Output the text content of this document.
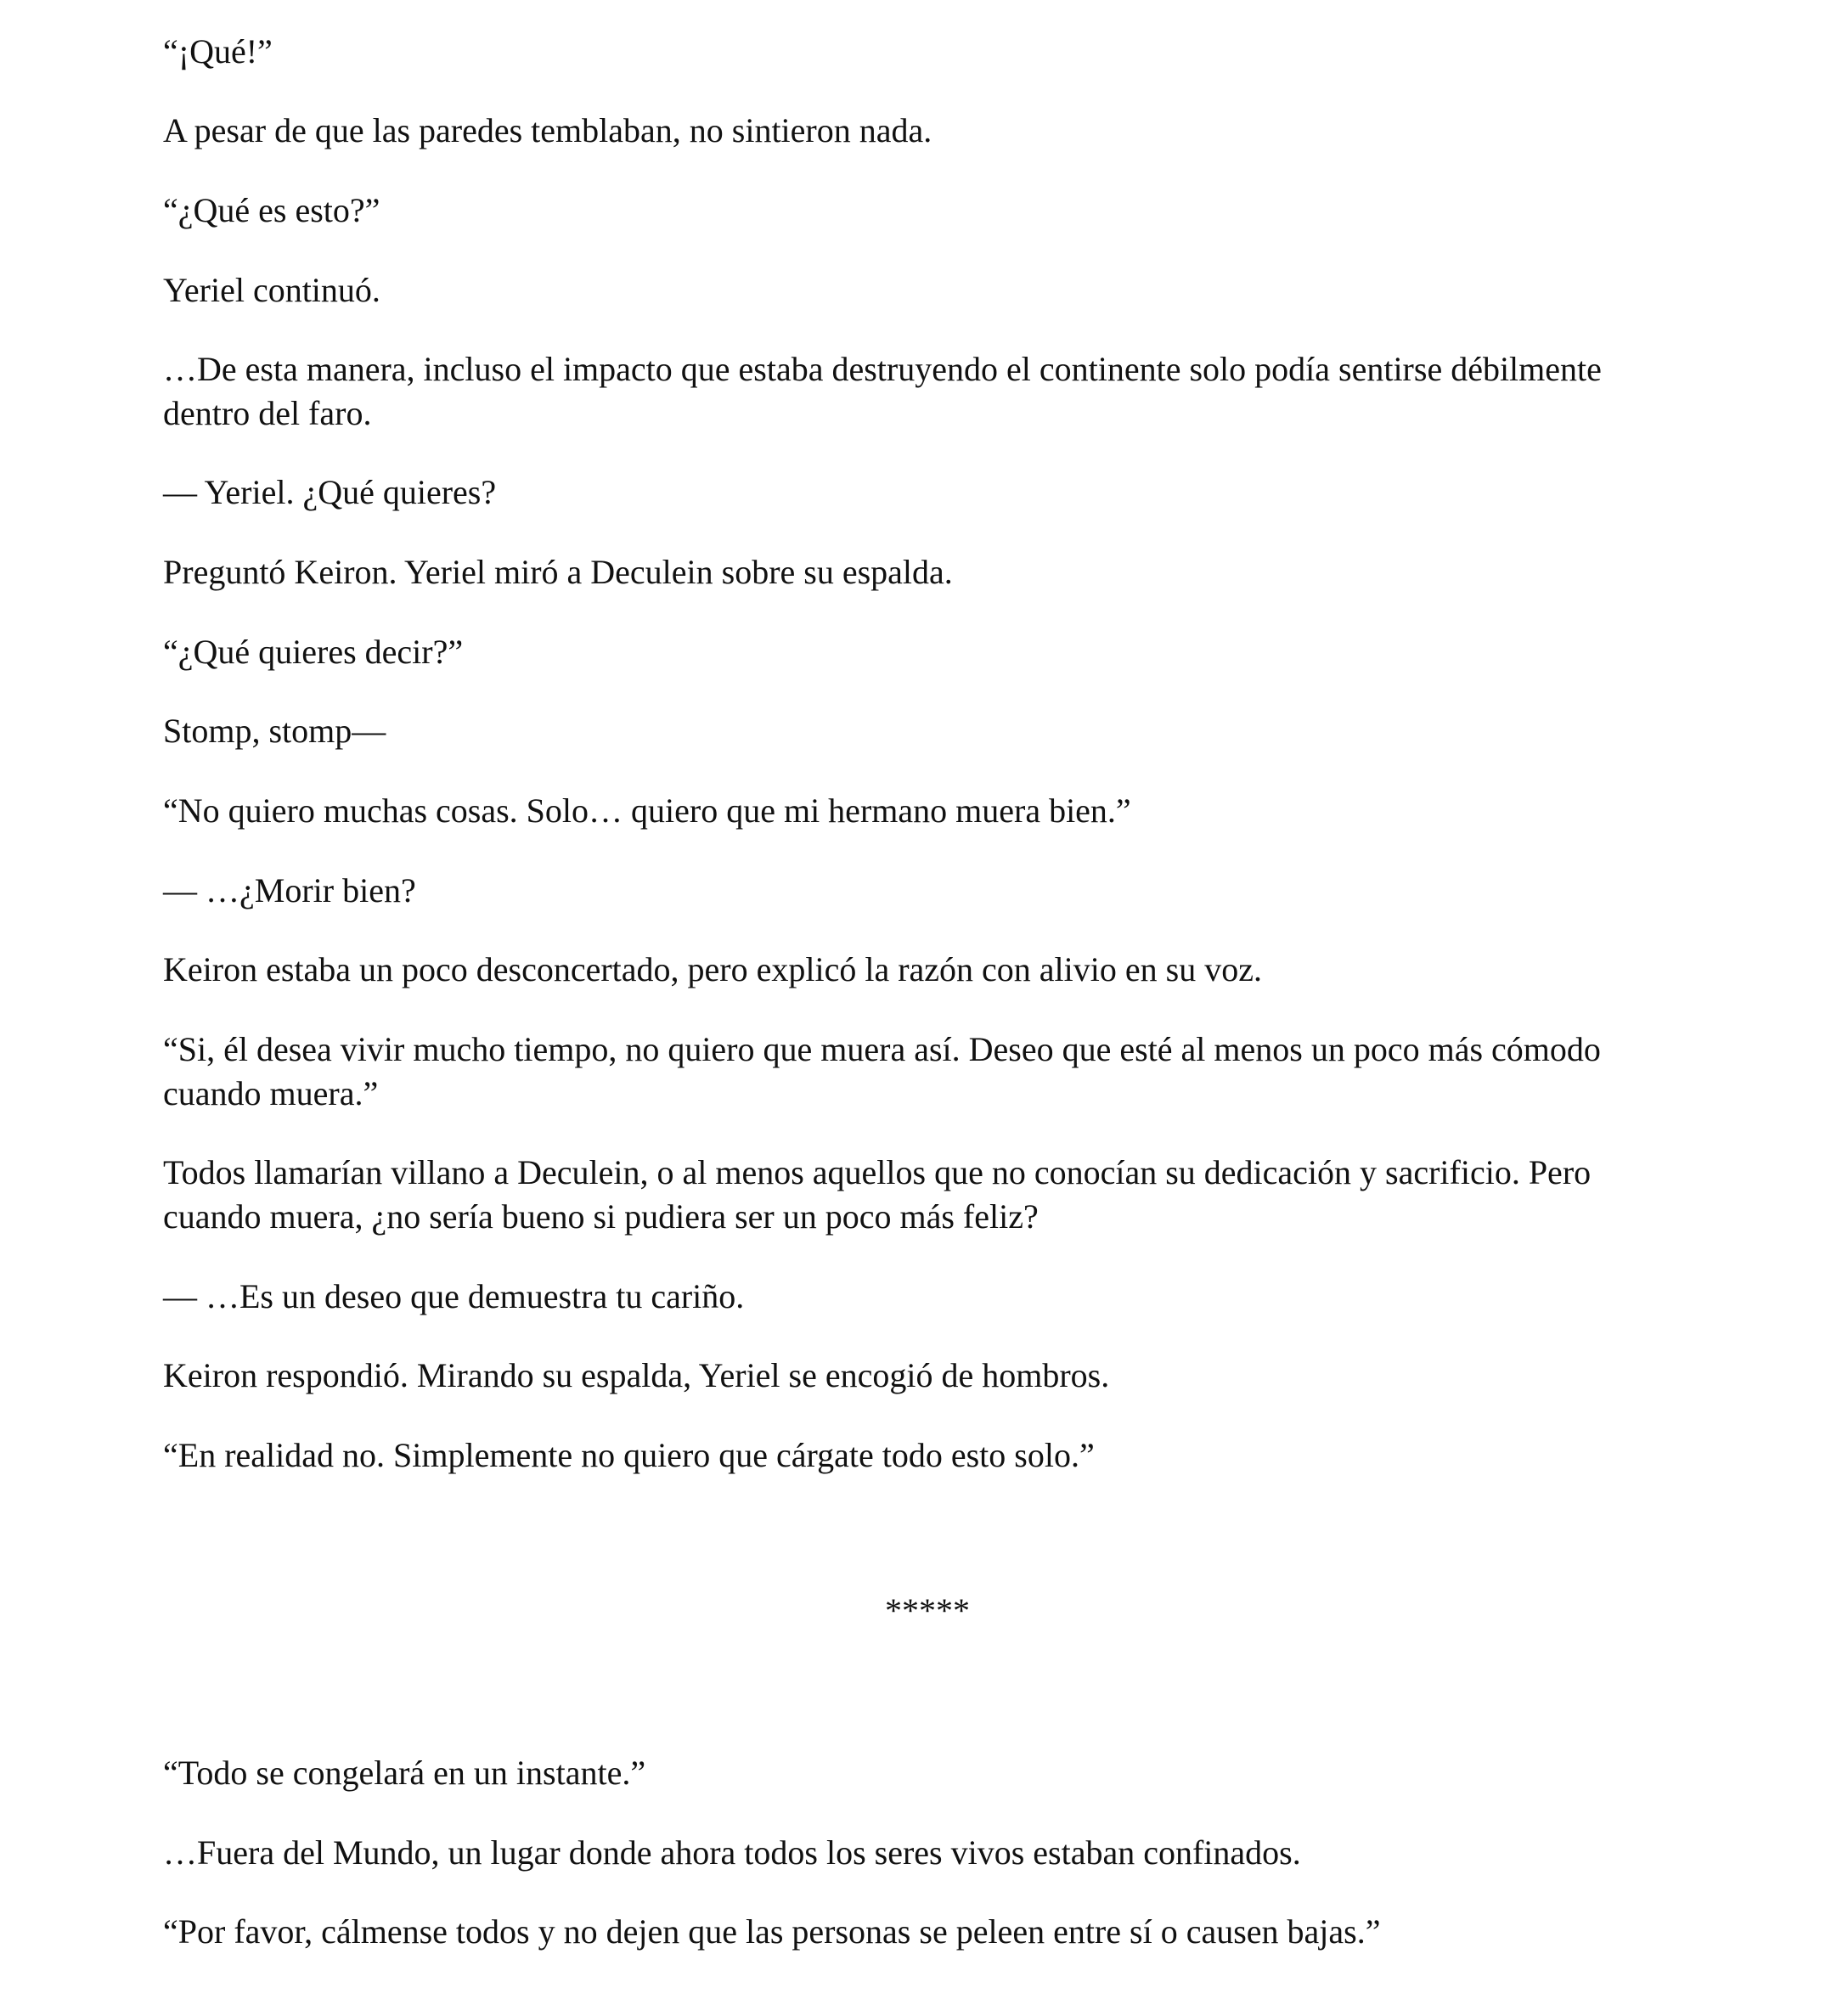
“¡Qué!”

A pesar de que las paredes temblaban, no sintieron nada.

“¿Qué es esto?”

Yeriel continuó.

…De esta manera, incluso el impacto que estaba destruyendo el continente solo podía sentirse débilmente dentro del faro.

— Yeriel. ¿Qué quieres?

Preguntó Keiron. Yeriel miró a Deculein sobre su espalda.

“¿Qué quieres decir?”

Stomp, stomp—

“No quiero muchas cosas. Solo… quiero que mi hermano muera bien.”

— …¿Morir bien?

Keiron estaba un poco desconcertado, pero explicó la razón con alivio en su voz.

“Si, él desea vivir mucho tiempo, no quiero que muera así. Deseo que esté al menos un poco más cómodo cuando muera.”

Todos llamarían villano a Deculein, o al menos aquellos que no conocían su dedicación y sacrificio. Pero cuando muera, ¿no sería bueno si pudiera ser un poco más feliz?

— …Es un deseo que demuestra tu cariño.

Keiron respondió. Mirando su espalda, Yeriel se encogió de hombros.

“En realidad no. Simplemente no quiero que cárgate todo esto solo.”

*****

“Todo se congelará en un instante.”

…Fuera del Mundo, un lugar donde ahora todos los seres vivos estaban confinados.

“Por favor, cálmense todos y no dejen que las personas se peleen entre sí o causen bajas.”
